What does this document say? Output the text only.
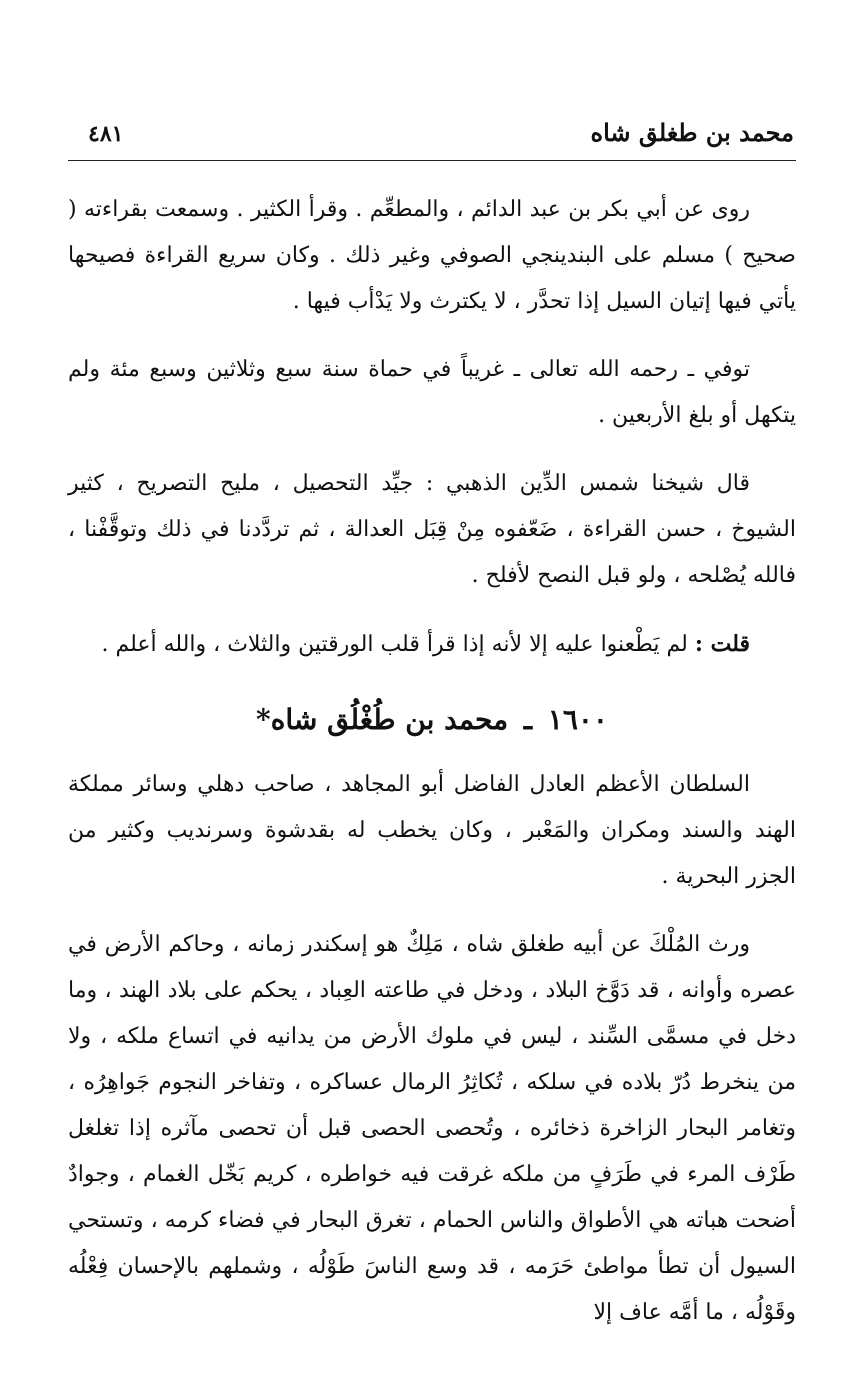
محمد بن طغلق شاه
٤٨١

روى عن أبي بكر بن عبد الدائم ، والمطعِّم . وقرأ الكثير . وسمعت بقراءته ( صحيح ) مسلم على البندينجي الصوفي وغير ذلك . وكان سريع القراءة فصيحها يأتي فيها إتيان السيل إذا تحدَّر ، لا يكترث ولا يَدْأب فيها .

توفي ـ رحمه الله تعالى ـ غريباً في حماة سنة سبع وثلاثين وسبع مئة ولم يتكهل أو بلغ الأربعين .

قال شيخنا شمس الدِّين الذهبي : جيِّد التحصيل ، مليح التصريح ، كثير الشيوخ ، حسن القراءة ، ضَعّفوه مِنْ قِبَل العدالة ، ثم تردَّدنا في ذلك وتوقَّفْنا ، فالله يُصْلحه ، ولو قبل النصح لأفلح .

قلت : لم يَطْعنوا عليه إلا لأنه إذا قرأ قلب الورقتين والثلاث ، والله أعلم .

١٦٠٠ ـ محمد بن طُغْلُق شاه*

السلطان الأعظم العادل الفاضل أبو المجاهد ، صاحب دهلي وسائر مملكة الهند والسند ومكران والمَعْبر ، وكان يخطب له بقدشوة وسرنديب وكثير من الجزر البحرية .

ورث المُلْكَ عن أبيه طغلق شاه ، مَلِكٌ هو إسكندر زمانه ، وحاكم الأرض في عصره وأوانه ، قد دَوَّخ البلاد ، ودخل في طاعته العِباد ، يحكم على بلاد الهند ، وما دخل في مسمَّى السِّند ، ليس في ملوك الأرض من يدانيه في اتساع ملكه ، ولا من ينخرط دُرّ بلاده في سلكه ، تُكاثِرُ الرمال عساكره ، وتفاخر النجوم جَواهِرُه ، وتغامر البحار الزاخرة ذخائره ، وتُحصى الحصى قبل أن تحصى مآثره إذا تغلغل طَرْف المرء في طَرَفٍ من ملكه غرقت فيه خواطره ، كريم بَخّل الغمام ، وجوادٌ أضحت هباته هي الأطواق والناس الحمام ، تغرق البحار في فضاء كرمه ، وتستحي السيول أن تطأ مواطئ حَرَمه ، قد وسع الناسَ طَوْلُه ، وشملهم بالإحسان فِعْلُه وقَوْلُه ، ما أمَّه عاف إلا
